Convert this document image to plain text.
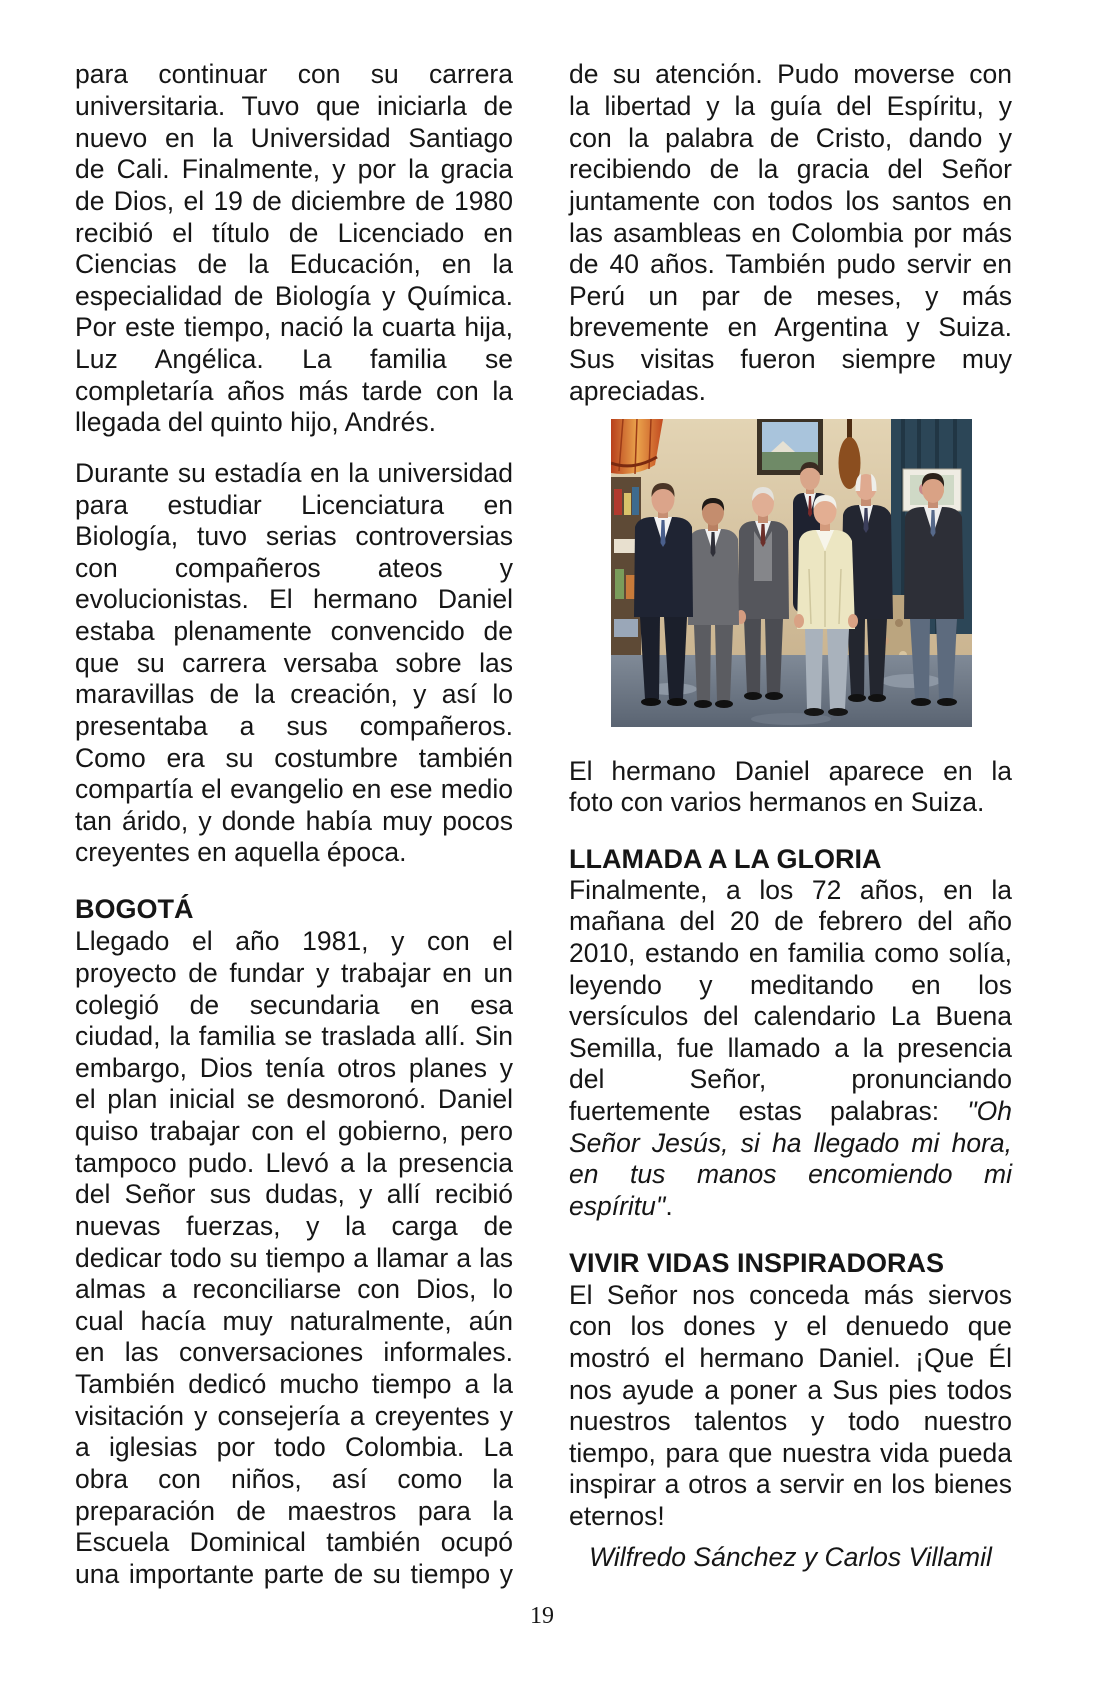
para continuar con su carrera
universitaria. Tuvo que iniciarla de
nuevo en la Universidad Santiago
de Cali. Finalmente, y por la gracia
de Dios, el 19 de diciembre de 1980
recibió el título de Licenciado en
Ciencias de la Educación, en la
especialidad de Biología y Química.
Por este tiempo, nació la cuarta hija,
Luz Angélica. La familia se
completaría años más tarde con la
llegada del quinto hijo, Andrés.
Durante su estadía en la universidad
para estudiar Licenciatura en
Biología, tuvo serias controversias
con compañeros ateos y
evolucionistas. El hermano Daniel
estaba plenamente convencido de
que su carrera versaba sobre las
maravillas de la creación, y así lo
presentaba a sus compañeros.
Como era su costumbre también
compartía el evangelio en ese medio
tan árido, y donde había muy pocos
creyentes en aquella época.
BOGOTÁ
Llegado el año 1981, y con el
proyecto de fundar y trabajar en un
colegió de secundaria en esa
ciudad, la familia se traslada allí. Sin
embargo, Dios tenía otros planes y
el plan inicial se desmoronó. Daniel
quiso trabajar con el gobierno, pero
tampoco pudo. Llevó a la presencia
del Señor sus dudas, y allí recibió
nuevas fuerzas, y la carga de
dedicar todo su tiempo a llamar a las
almas a reconciliarse con Dios, lo
cual hacía muy naturalmente, aún
en las conversaciones informales.
También dedicó mucho tiempo a la
visitación y consejería a creyentes y
a iglesias por todo Colombia. La
obra con niños, así como la
preparación de maestros para la
Escuela Dominical también ocupó
una importante parte de su tiempo y
de su atención. Pudo moverse con
la libertad y la guía del Espíritu, y
con la palabra de Cristo, dando y
recibiendo de la gracia del Señor
juntamente con todos los santos en
las asambleas en Colombia por más
de 40 años. También pudo servir en
Perú un par de meses, y más
brevemente en Argentina y Suiza.
Sus visitas fueron siempre muy
apreciadas.
El hermano Daniel aparece en la
foto con varios hermanos en Suiza.
LLAMADA A LA GLORIA
Finalmente, a los 72 años, en la
mañana del 20 de febrero del año
2010, estando en familia como solía,
leyendo y meditando en los
versículos del calendario La Buena
Semilla, fue llamado a la presencia
del Señor, pronunciando
fuertemente estas palabras: "Oh
Señor Jesús, si ha llegado mi hora,
en tus manos encomiendo mi
espíritu".
VIVIR VIDAS INSPIRADORAS
El Señor nos conceda más siervos
con los dones y el denuedo que
mostró el hermano Daniel. ¡Que Él
nos ayude a poner a Sus pies todos
nuestros talentos y todo nuestro
tiempo, para que nuestra vida pueda
inspirar a otros a servir en los bienes
eternos!
Wilfredo Sánchez y Carlos Villamil
19
